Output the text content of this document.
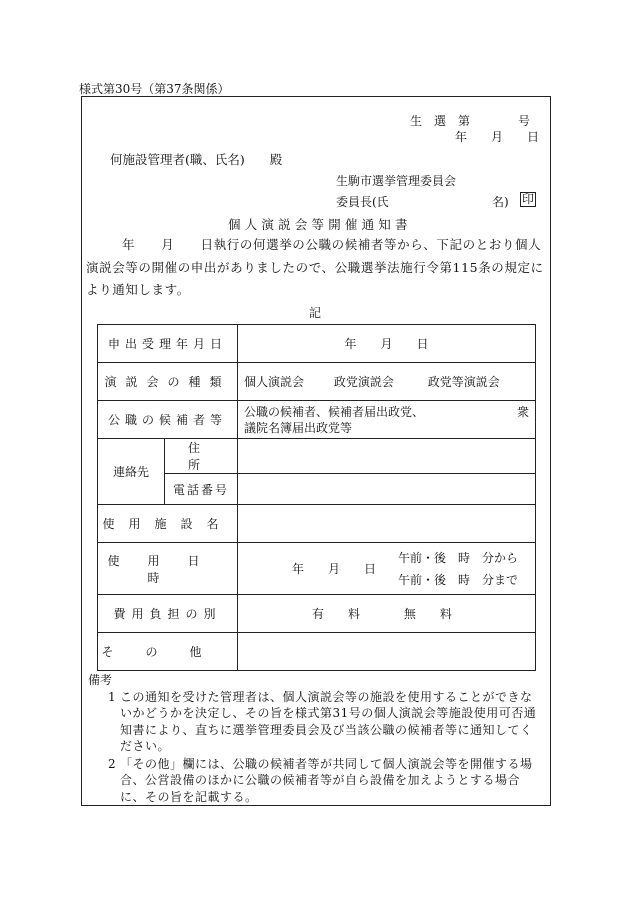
様式第30号（第37条関係）
生　選　第　　　　号
年　　月　　日
何施設管理者(職、氏名)　　殿
生駒市選挙管理委員会
委員長(氏	名) 印
個人演説会等開催通知書
年　　月　　日執行の何選挙の公職の候補者等から、下記のとおり個人演説会等の開催の申出がありましたので、公職選挙法施行令第115条の規定により通知します。
記
申出受理年月日		年　　月　　日
演説会の種類		個人演説会 政党演説会 政党等演説会
公職の候補者等		公職の候補者、候補者届出政党、 衆
議院名簿届出政党等

連絡先	住　所	
	電話番号	
使用施設名		
使用日時		年　　月　　日
午前・後　時　分から
午前・後　時　分まで

費用負担の別		有　　料 無　　料
その他		
備考
1 この通知を受けた管理者は、個人演説会等の施設を使用することができないかどうかを決定し、その旨を様式第31号の個人演説会等施設使用可否通知書により、直ちに選挙管理委員会及び当該公職の候補者等に通知してください。
2 「その他」欄には、公職の候補者等が共同して個人演説会等を開催する場合、公営設備のほかに公職の候補者等が自ら設備を加えようとする場合に、その旨を記載する。
